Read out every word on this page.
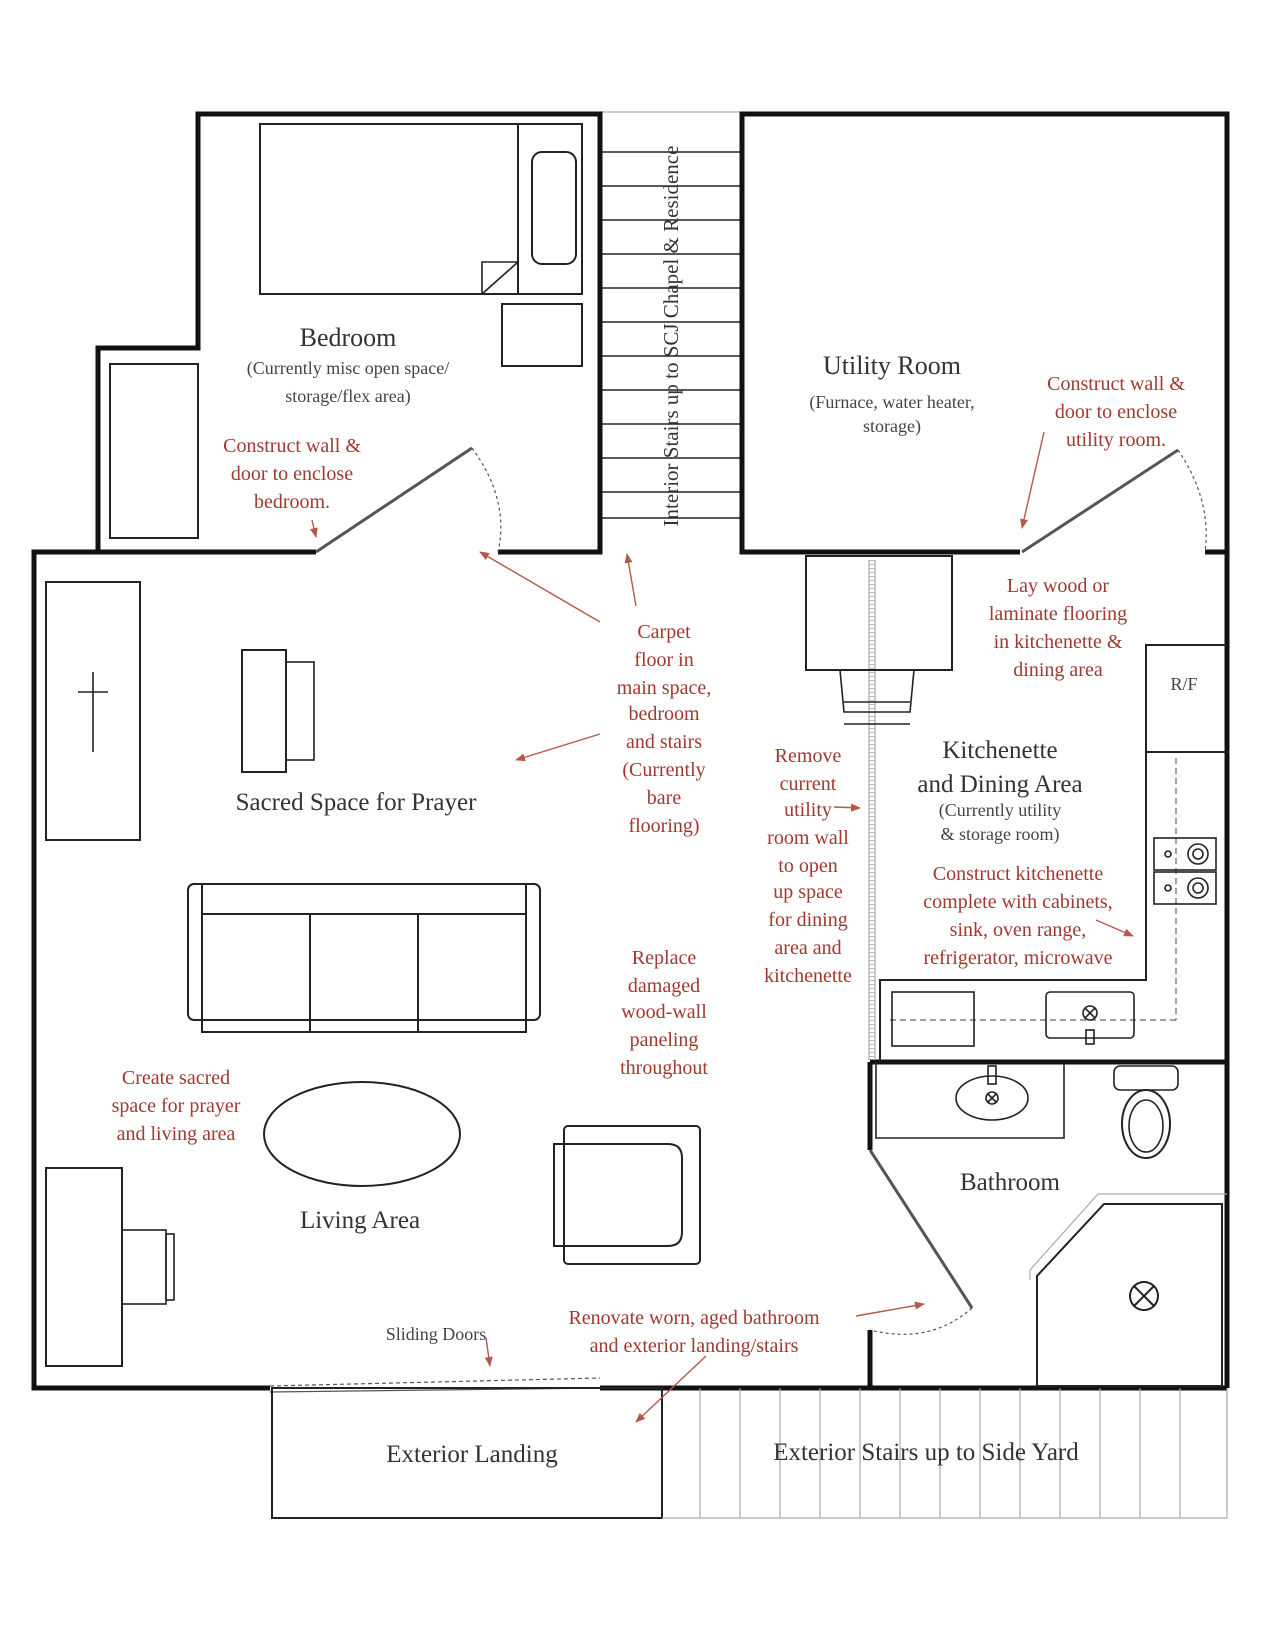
R/F
Bedroom
(Currently misc open space/
storage/flex area)
Utility Room
(Furnace, water heater,
storage)
Interior Stairs up to SCJ Chapel & Residence
Sacred Space for Prayer
Living Area
Kitchenette
and Dining Area
(Currently utility
& storage room)
Bathroom
Exterior Landing	Exterior Stairs up to Side Yard
Sliding Doors
Construct wall &
door to enclose
bedroom.
Construct wall &
door to enclose
utility room.
Carpet
floor in
main space,
bedroom
and stairs
(Currently
bare
flooring)
Lay wood or
laminate flooring
in kitchenette &
dining area
Remove
current
utility
room wall
to open
up space
for dining
area and
kitchenette
Construct kitchenette
complete with cabinets,
sink, oven range,
refrigerator, microwave
Replace
damaged
wood-wall
paneling
throughout
Create sacred
space for prayer
and living area
Renovate worn, aged bathroom
and exterior landing/stairs
